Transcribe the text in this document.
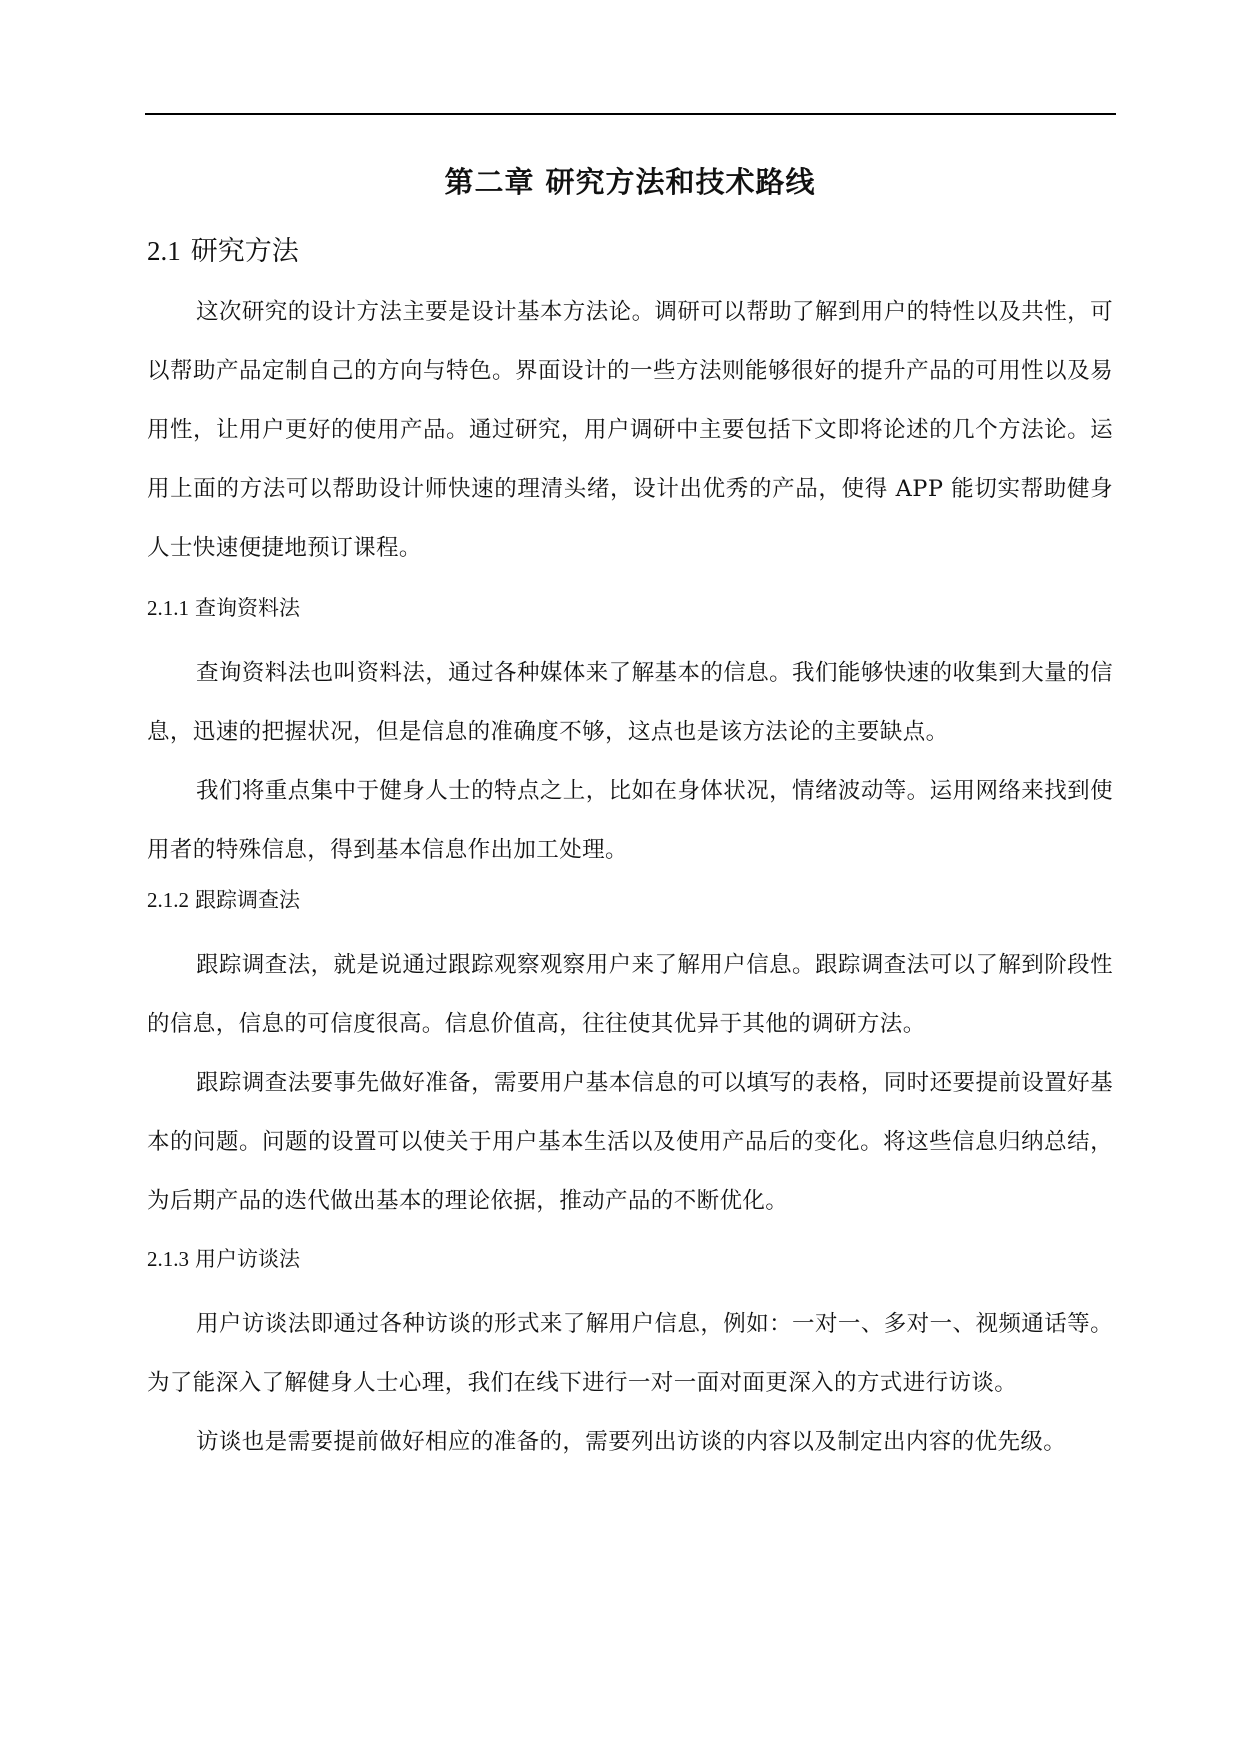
第二章 研究方法和技术路线
2.1 研究方法

这次研究的设计方法主要是设计基本方法论。调研可以帮助了解到用户的特性以及共性，可以帮助产品定制自己的方向与特色。界面设计的一些方法则能够很好的提升产品的可用性以及易用性，让用户更好的使用产品。通过研究，用户调研中主要包括下文即将论述的几个方法论。运用上面的方法可以帮助设计师快速的理清头绪，设计出优秀的产品，使得 APP 能切实帮助健身人士快速便捷地预订课程。

2.1.1 查询资料法

查询资料法也叫资料法，通过各种媒体来了解基本的信息。我们能够快速的收集到大量的信息，迅速的把握状况，但是信息的准确度不够，这点也是该方法论的主要缺点。

我们将重点集中于健身人士的特点之上，比如在身体状况，情绪波动等。运用网络来找到使用者的特殊信息，得到基本信息作出加工处理。

2.1.2 跟踪调查法

跟踪调查法，就是说通过跟踪观察观察用户来了解用户信息。跟踪调查法可以了解到阶段性的信息，信息的可信度很高。信息价值高，往往使其优异于其他的调研方法。

跟踪调查法要事先做好准备，需要用户基本信息的可以填写的表格，同时还要提前设置好基本的问题。问题的设置可以使关于用户基本生活以及使用产品后的变化。将这些信息归纳总结，为后期产品的迭代做出基本的理论依据，推动产品的不断优化。

2.1.3 用户访谈法

用户访谈法即通过各种访谈的形式来了解用户信息，例如：一对一、多对一、视频通话等。为了能深入了解健身人士心理，我们在线下进行一对一面对面更深入的方式进行访谈。

访谈也是需要提前做好相应的准备的，需要列出访谈的内容以及制定出内容的优先级。
